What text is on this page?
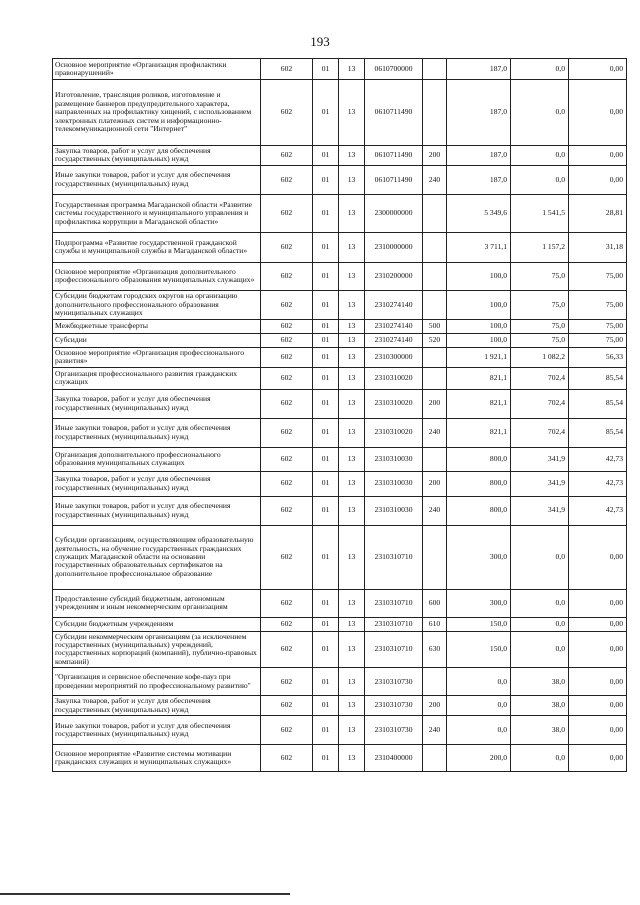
193
Основное мероприятие «Организация профилактики правонарушений»	602	01	13	0610700000		187,0	0,0	0,00
Изготовление, трансляция роликов, изготовление и размещение баннеров предупредительного характера, направленных на профилактику хищений, с использованием электронных платежных систем и информационно-телекоммуникационной сети "Интернет"	602	01	13	0610711490		187,0	0,0	0,00
Закупка товаров, работ и услуг для обеспечения государственных (муниципальных) нужд	602	01	13	0610711490	200	187,0	0,0	0,00
Иные закупки товаров, работ и услуг для обеспечения государственных (муниципальных) нужд	602	01	13	0610711490	240	187,0	0,0	0,00
Государственная программа Магаданской области «Развитие системы государственного и муниципального управления и профилактика коррупции в Магаданской области»	602	01	13	2300000000		5 349,6	1 541,5	28,81
Подпрограмма «Развитие государственной гражданской службы и муниципальной службы в Магаданской области»	602	01	13	2310000000		3 711,1	1 157,2	31,18
Основное мероприятие «Организация дополнительного профессионального образования муниципальных служащих»	602	01	13	2310200000		100,0	75,0	75,00
Субсидии бюджетам городских округов на организацию дополнительного профессионального образования муниципальных служащих	602	01	13	2310274140		100,0	75,0	75,00
Межбюджетные трансферты	602	01	13	2310274140	500	100,0	75,0	75,00
Субсидии	602	01	13	2310274140	520	100,0	75,0	75,00
Основное мероприятие «Организация профессионального развития»	602	01	13	2310300000		1 921,1	1 082,2	56,33
Организация профессионального развития гражданских служащих	602	01	13	2310310020		821,1	702,4	85,54
Закупка товаров, работ и услуг для обеспечения государственных (муниципальных) нужд	602	01	13	2310310020	200	821,1	702,4	85,54
Иные закупки товаров, работ и услуг для обеспечения государственных (муниципальных) нужд	602	01	13	2310310020	240	821,1	702,4	85,54
Организация дополнительного профессионального образования муниципальных служащих	602	01	13	2310310030		800,0	341,9	42,73
Закупка товаров, работ и услуг для обеспечения государственных (муниципальных) нужд	602	01	13	2310310030	200	800,0	341,9	42,73
Иные закупки товаров, работ и услуг для обеспечения государственных (муниципальных) нужд	602	01	13	2310310030	240	800,0	341,9	42,73
Субсидии организациям, осуществляющим образовательную деятельность, на обучение государственных гражданских служащих Магаданской области на основании государственных образовательных сертификатов на дополнительное профессиональное образование	602	01	13	2310310710		300,0	0,0	0,00
Предоставление субсидий бюджетным, автономным учреждениям и иным некоммерческим организациям	602	01	13	2310310710	600	300,0	0,0	0,00
Субсидии бюджетным учреждениям	602	01	13	2310310710	610	150,0	0,0	0,00
Субсидии некоммерческим организациям (за исключением государственных (муниципальных) учреждений, государственных корпораций (компаний), публично-правовых компаний)	602	01	13	2310310710	630	150,0	0,0	0,00
"Организация и сервисное обеспечение кофе-пауз при проведении мероприятий по профессиональному развитию"	602	01	13	2310310730		0,0	38,0	0,00
Закупка товаров, работ и услуг для обеспечения государственных (муниципальных) нужд	602	01	13	2310310730	200	0,0	38,0	0,00
Иные закупки товаров, работ и услуг для обеспечения государственных (муниципальных) нужд	602	01	13	2310310730	240	0,0	38,0	0,00
Основное мероприятие «Развитие системы мотивации гражданских служащих и муниципальных служащих»	602	01	13	2310400000		200,0	0,0	0,00
